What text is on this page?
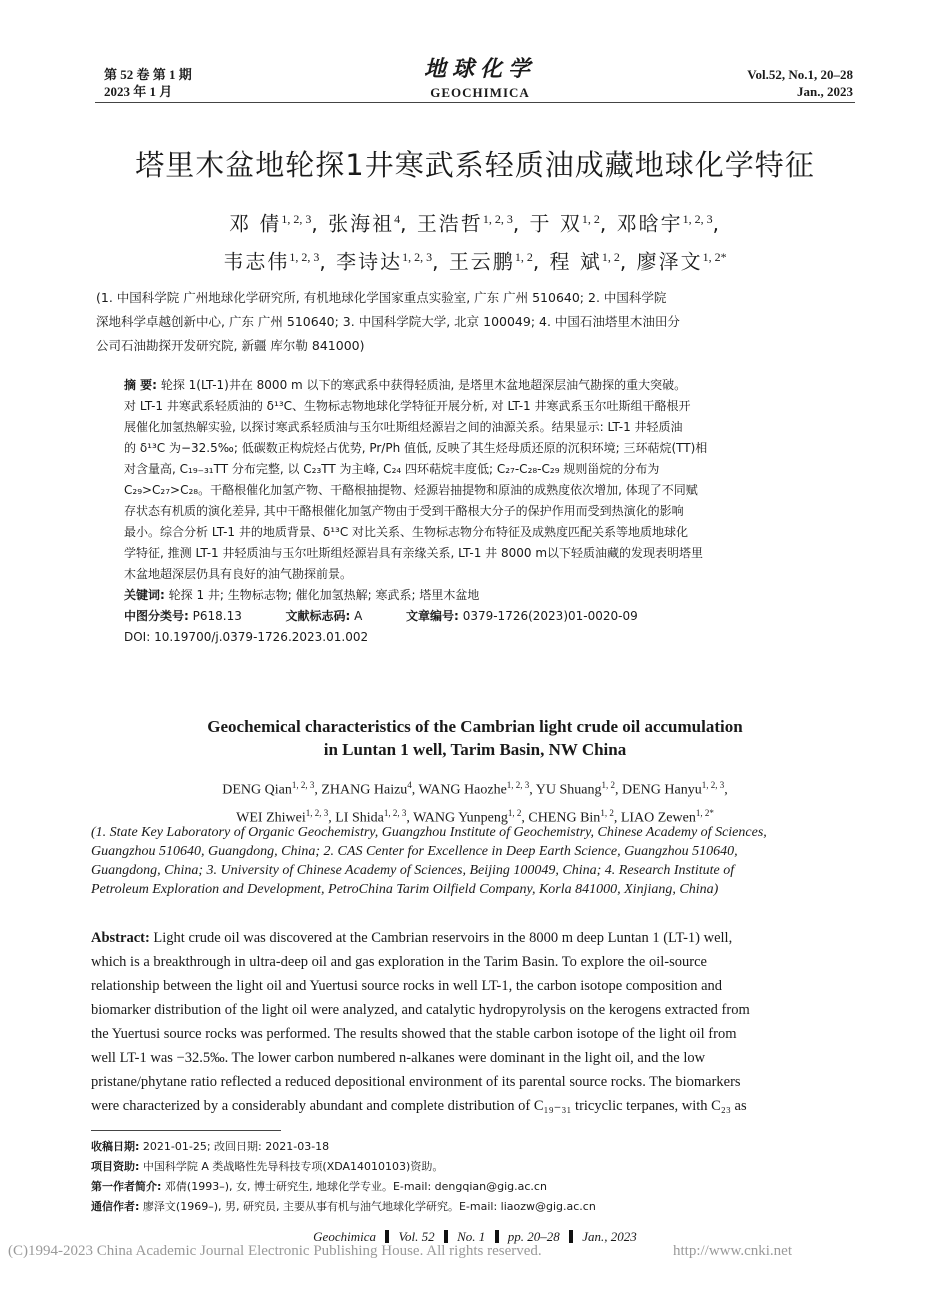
第 52 卷 第 1 期
2023 年 1 月
地球化学
GEOCHIMICA
Vol.52, No.1, 20–28
Jan., 2023
塔里木盆地轮探1井寒武系轻质油成藏地球化学特征
邓 倩$^{1, 2, 3}$, 张海祖$^4$, 王浩哲$^{1, 2, 3}$, 于 双$^{1, 2}$, 邓晗宇$^{1, 2, 3}$,
韦志伟$^{1, 2, 3}$, 李诗达$^{1, 2, 3}$, 王云鹏$^{1, 2}$, 程 斌$^{1, 2}$, 廖泽文$^{1, 2*}$
(1. 中国科学院 广州地球化学研究所, 有机地球化学国家重点实验室, 广东 广州 510640; 2. 中国科学院
深地科学卓越创新中心, 广东 广州 510640; 3. 中国科学院大学, 北京 100049; 4. 中国石油塔里木油田分
公司石油勘探开发研究院, 新疆 库尔勒 841000)
摘 要: 轮探 1(LT-1)井在 8000 m 以下的寒武系中获得轻质油, 是塔里木盆地超深层油气勘探的重大突破。
对 LT-1 井寒武系轻质油的 δ¹³C、生物标志物地球化学特征开展分析, 对 LT-1 井寒武系玉尔吐斯组干酪根开
展催化加氢热解实验, 以探讨寒武系轻质油与玉尔吐斯组烃源岩之间的油源关系。结果显示: LT-1 井轻质油
的 δ¹³C 为−32.5‰; 低碳数正构烷烃占优势, Pr/Ph 值低, 反映了其生烃母质还原的沉积环境; 三环萜烷(TT)相
对含量高, C₁₉₋₃₁TT 分布完整, 以 C₂₃TT 为主峰, C₂₄ 四环萜烷丰度低; C₂₇-C₂₈-C₂₉ 规则甾烷的分布为
C₂₉>C₂₇>C₂₈。干酪根催化加氢产物、干酪根抽提物、烃源岩抽提物和原油的成熟度依次增加, 体现了不同赋
存状态有机质的演化差异, 其中干酪根催化加氢产物由于受到干酪根大分子的保护作用而受到热演化的影响
最小。综合分析 LT-1 井的地质背景、δ¹³C 对比关系、生物标志物分布特征及成熟度匹配关系等地质地球化
学特征, 推测 LT-1 井轻质油与玉尔吐斯组烃源岩具有亲缘关系, LT-1 井 8000 m以下轻质油藏的发现表明塔里
木盆地超深层仍具有良好的油气勘探前景。
关键词: 轮探 1 井; 生物标志物; 催化加氢热解; 寒武系; 塔里木盆地
中图分类号: P618.13	文献标志码: A	文章编号: 0379-1726(2023)01-0020-09
DOI: 10.19700/j.0379-1726.2023.01.002
Geochemical characteristics of the Cambrian light crude oil accumulation
in Luntan 1 well, Tarim Basin, NW China
DENG Qian$^{1, 2, 3}$, ZHANG Haizu$^4$, WANG Haozhe$^{1, 2, 3}$, YU Shuang$^{1, 2}$, DENG Hanyu$^{1, 2, 3}$,
WEI Zhiwei$^{1, 2, 3}$, LI Shida$^{1, 2, 3}$, WANG Yunpeng$^{1, 2}$, CHENG Bin$^{1, 2}$, LIAO Zewen$^{1, 2*}$
(1. State Key Laboratory of Organic Geochemistry, Guangzhou Institute of Geochemistry, Chinese Academy of Sciences,
Guangzhou 510640, Guangdong, China; 2. CAS Center for Excellence in Deep Earth Science, Guangzhou 510640,
Guangdong, China; 3. University of Chinese Academy of Sciences, Beijing 100049, China; 4. Research Institute of
Petroleum Exploration and Development, PetroChina Tarim Oilfield Company, Korla 841000, Xinjiang, China)
Abstract: Light crude oil was discovered at the Cambrian reservoirs in the 8000 m deep Luntan 1 (LT-1) well,
which is a breakthrough in ultra-deep oil and gas exploration in the Tarim Basin. To explore the oil-source
relationship between the light oil and Yuertusi source rocks in well LT-1, the carbon isotope composition and
biomarker distribution of the light oil were analyzed, and catalytic hydropyrolysis on the kerogens extracted from
the Yuertusi source rocks was performed. The results showed that the stable carbon isotope of the light oil from
well LT-1 was −32.5‰. The lower carbon numbered n-alkanes were dominant in the light oil, and the low
pristane/phytane ratio reflected a reduced depositional environment of its parental source rocks. The biomarkers
were characterized by a considerably abundant and complete distribution of C₁₉₋₃₁ tricyclic terpanes, with C₂₃ as
收稿日期: 2021-01-25; 改回日期: 2021-03-18
项目资助: 中国科学院 A 类战略性先导科技专项(XDA14010103)资助。
第一作者简介: 邓倩(1993–), 女, 博士研究生, 地球化学专业。E-mail: dengqian@gig.ac.cn
通信作者: 廖泽文(1969–), 男, 研究员, 主要从事有机与油气地球化学研究。E-mail: liaozw@gig.ac.cn
Geochimica Vol. 52 No. 1 pp. 20–28 Jan., 2023
(C)1994-2023 China Academic Journal Electronic Publishing House. All rights reserved.	http://www.cnki.net
